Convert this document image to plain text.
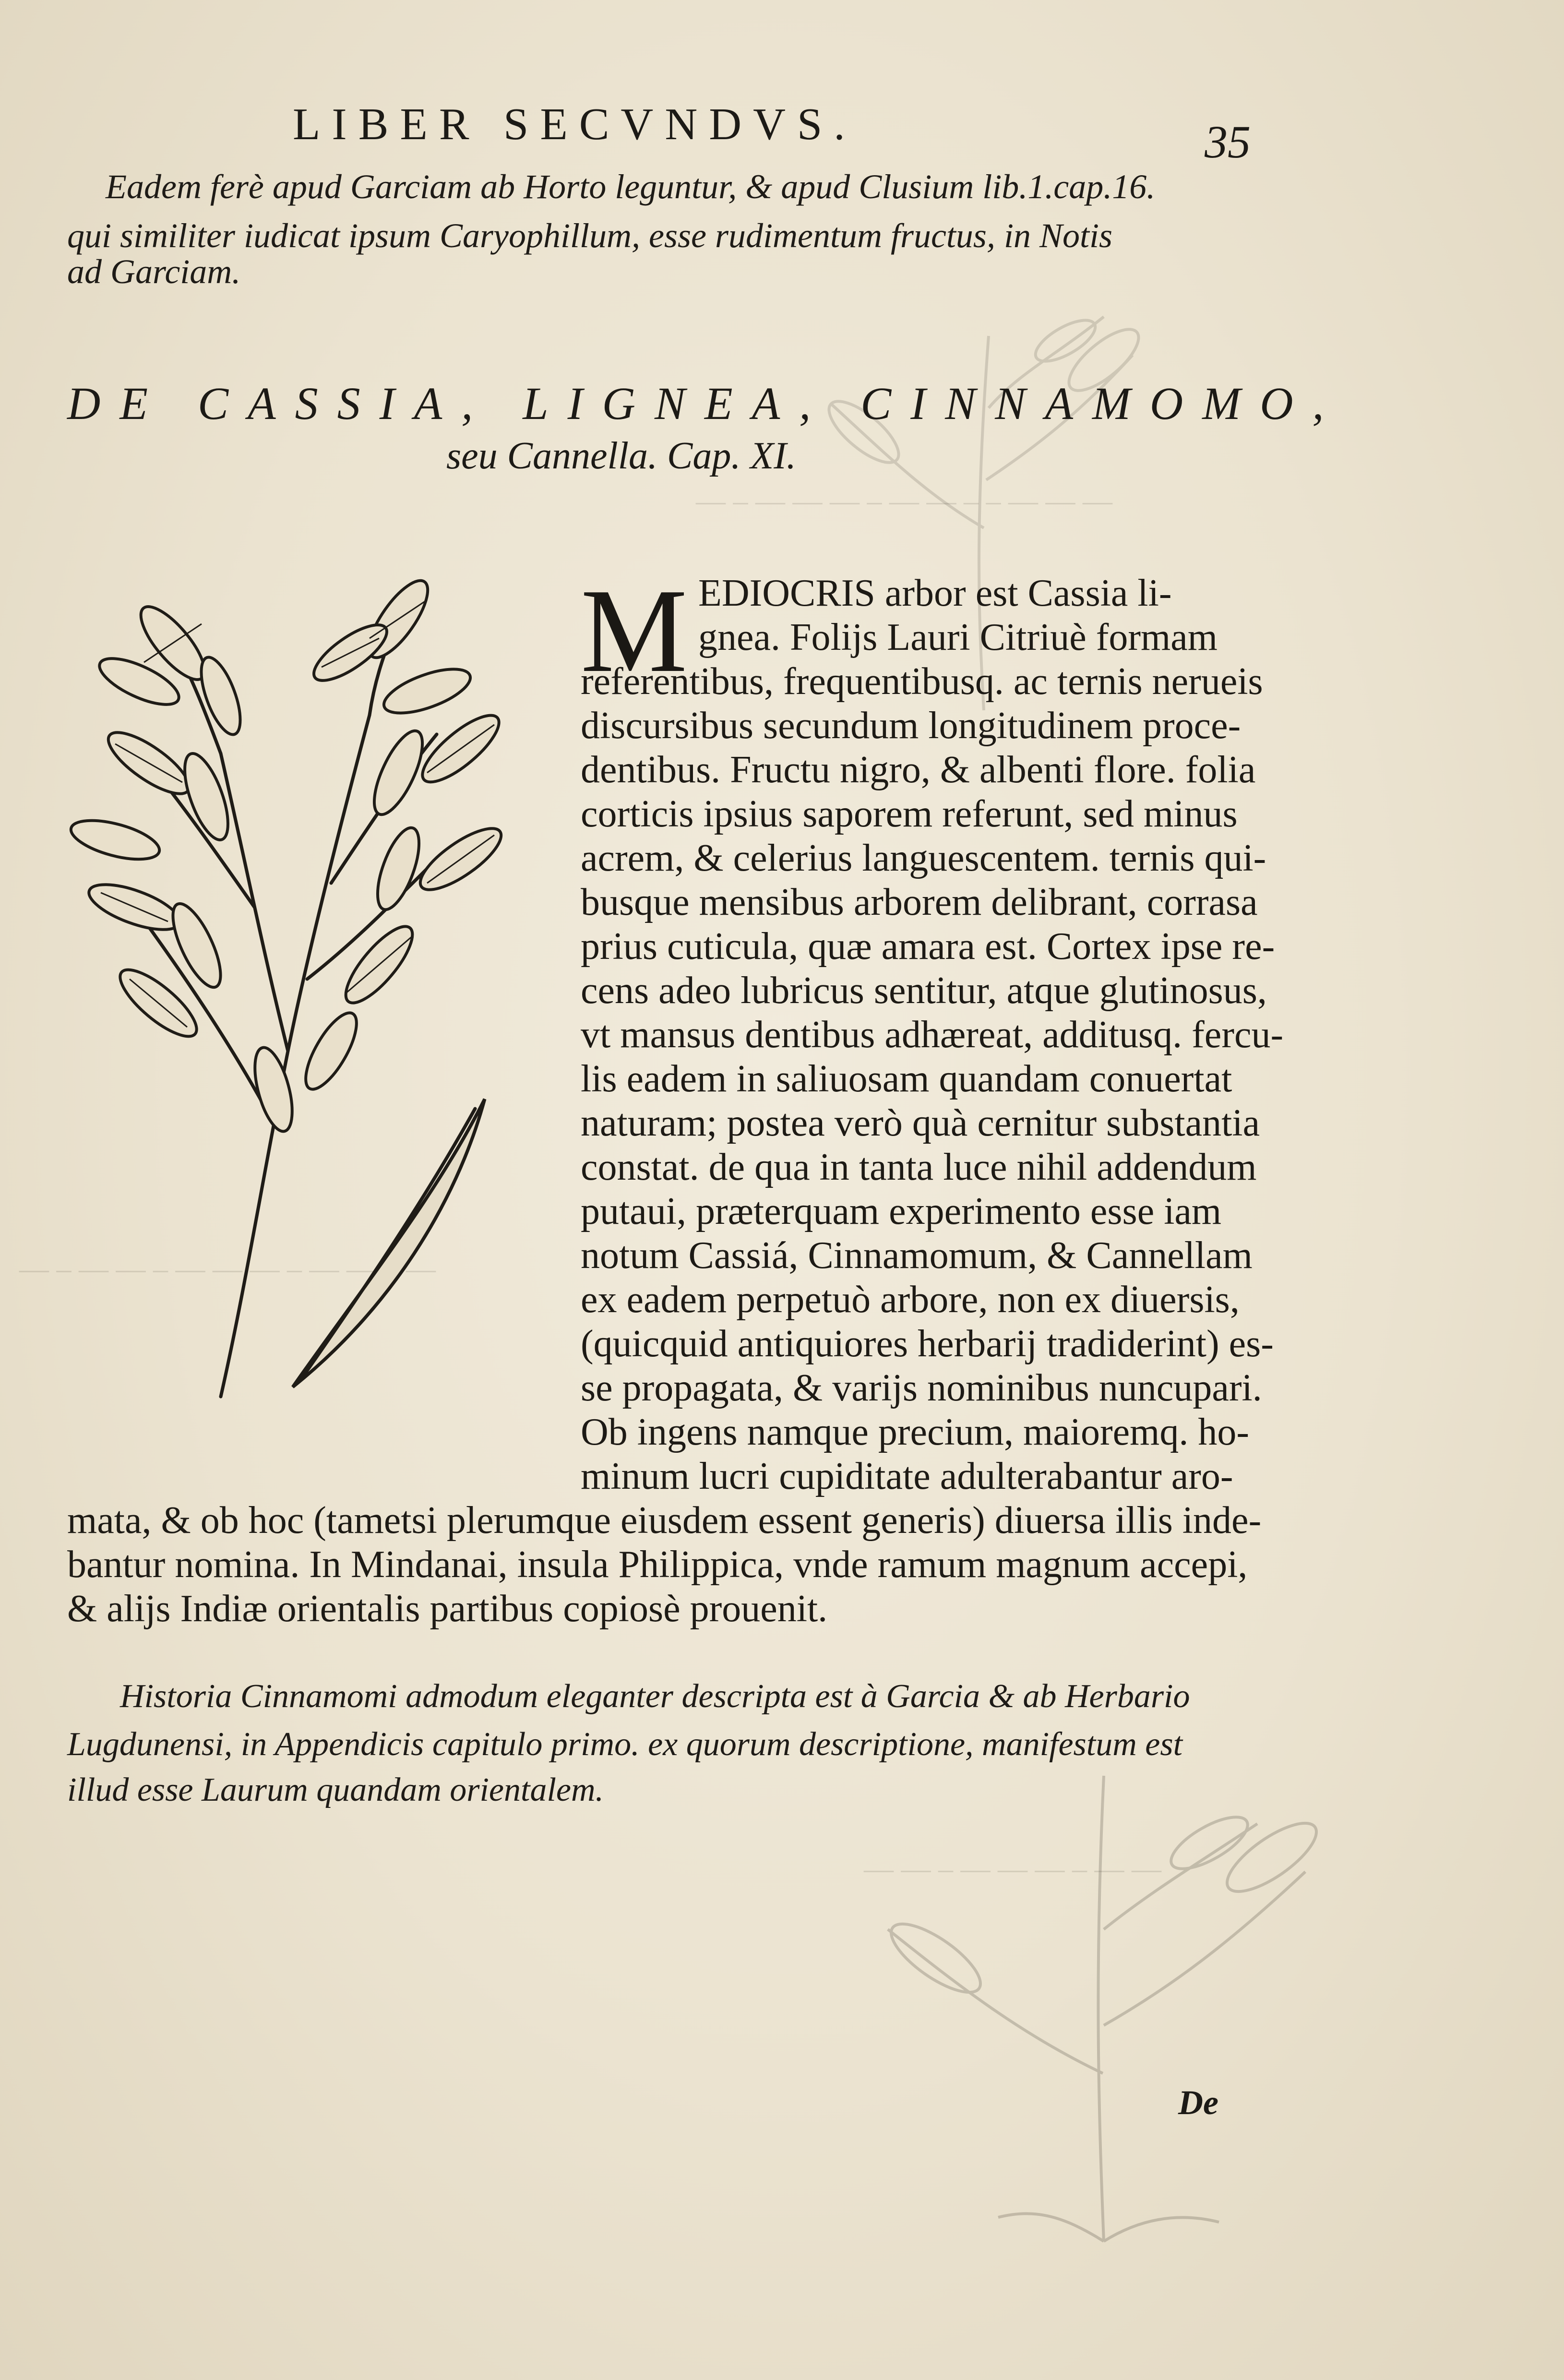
— — — ‒ ‒ — — ‒ — — — ‒ —
— ‒ — — ‒ — — — ‒ — — ‒ —
— — ‒ — — — ‒ — —
LIBER SECVNDVS.	35
Eadem ferè apud Garciam ab Horto leguntur, & apud Clusium lib.1.cap.16.
qui similiter iudicat ipsum Caryophillum, esse rudimentum fructus, in Notis
ad Garciam.
DE CASSIA, LIGNEA, CINNAMOMO,
seu Cannella. Cap. XI.
M EDIOCRIS arbor est Cassia li-
gnea. Folijs Lauri Citriuè formam
referentibus, frequentibusq. ac ternis nerueis
discursibus secundum longitudinem proce-
dentibus. Fructu nigro, & albenti flore. folia
corticis ipsius saporem referunt, sed minus
acrem, & celerius languescentem. ternis qui-
busque mensibus arborem delibrant, corrasa
prius cuticula, quæ amara est. Cortex ipse re-
cens adeo lubricus sentitur, atque glutinosus,
vt mansus dentibus adhæreat, additusq. fercu-
lis eadem in saliuosam quandam conuertat
naturam; postea verò quà cernitur substantia
constat. de qua in tanta luce nihil addendum
putaui, præterquam experimento esse iam
notum Cassiá, Cinnamomum, & Cannellam
ex eadem perpetuò arbore, non ex diuersis,
(quicquid antiquiores herbarij tradiderint) es-
se propagata, & varijs nominibus nuncupari.
Ob ingens namque precium, maioremq. ho-
minum lucri cupiditate adulterabantur aro-
mata, & ob hoc (tametsi plerumque eiusdem essent generis) diuersa illis inde-
bantur nomina. In Mindanai, insula Philippica, vnde ramum magnum accepi,
& alijs Indiæ orientalis partibus copiosè prouenit.
Historia Cinnamomi admodum eleganter descripta est à Garcia & ab Herbario
Lugdunensi, in Appendicis capitulo primo. ex quorum descriptione, manifestum est
illud esse Laurum quandam orientalem.
De
